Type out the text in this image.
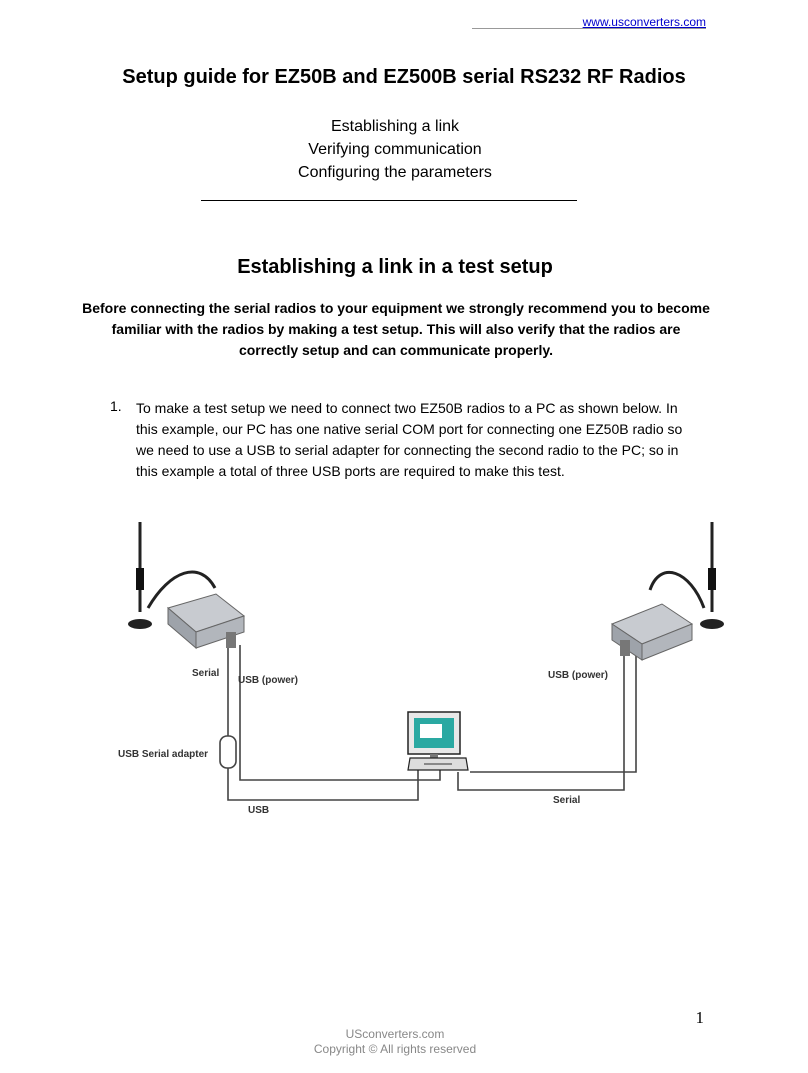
www.usconverters.com
Setup guide for EZ50B and EZ500B serial RS232 RF Radios
Establishing a link
Verifying communication
Configuring the parameters
Establishing a link in a test setup
Before connecting the serial radios to your equipment we strongly recommend you to become familiar with the radios by making a test setup. This will also verify that the radios are correctly setup and can communicate properly.
1. To make a test setup we need to connect two EZ50B radios to a PC as shown below. In this example, our PC has one native serial COM port for connecting one EZ50B radio so we need to use a USB to serial adapter for connecting the second radio to the PC; so in this example a total of three USB ports are required to make this test.
Serial
USB (power)
USB Serial adapter
USB
USB (power)
Serial
1
USconverters.com
Copyright © All rights reserved
